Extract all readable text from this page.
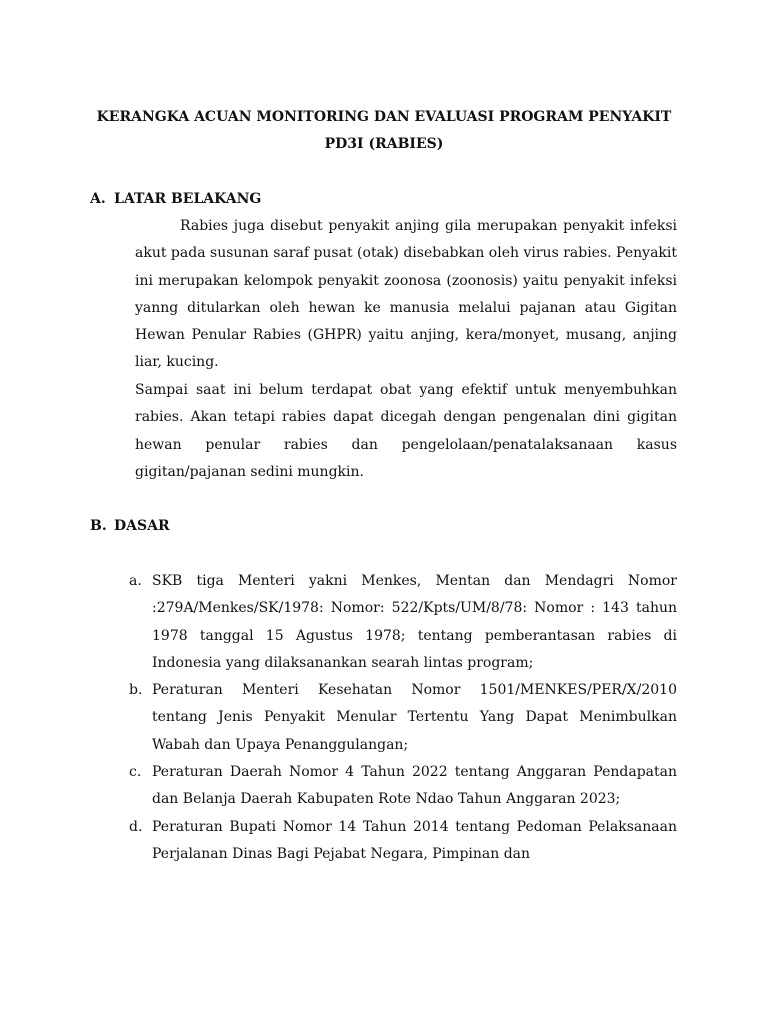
KERANGKA ACUAN MONITORING DAN EVALUASI PROGRAM PENYAKIT
PD3I (RABIES)
A. LATAR BELAKANG
Rabies juga disebut penyakit anjing gila merupakan penyakit infeksi akut pada susunan saraf pusat (otak) disebabkan oleh virus rabies. Penyakit ini merupakan kelompok penyakit zoonosa (zoonosis) yaitu penyakit infeksi yanng ditularkan oleh hewan ke manusia melalui pajanan atau Gigitan Hewan Penular Rabies (GHPR) yaitu anjing, kera/monyet, musang, anjing liar, kucing.
Sampai saat ini belum terdapat obat yang efektif untuk menyembuhkan rabies. Akan tetapi rabies dapat dicegah dengan pengenalan dini gigitan hewan penular rabies dan pengelolaan/penatalaksanaan kasus gigitan/pajanan sedini mungkin.
B. DASAR
a. SKB tiga Menteri yakni Menkes, Mentan dan Mendagri Nomor :279A/Menkes/SK/1978: Nomor: 522/Kpts/UM/8/78: Nomor : 143 tahun 1978 tanggal 15 Agustus 1978; tentang pemberantasan rabies di Indonesia yang dilaksanankan searah lintas program;
b. Peraturan Menteri Kesehatan Nomor 1501/MENKES/PER/X/2010 tentang Jenis Penyakit Menular Tertentu Yang Dapat Menimbulkan Wabah dan Upaya Penanggulangan;
c. Peraturan Daerah Nomor 4 Tahun 2022 tentang Anggaran Pendapatan dan Belanja Daerah Kabupaten Rote Ndao Tahun Anggaran 2023;
d. Peraturan Bupati Nomor 14 Tahun 2014 tentang Pedoman Pelaksanaan Perjalanan Dinas Bagi Pejabat Negara, Pimpinan dan
